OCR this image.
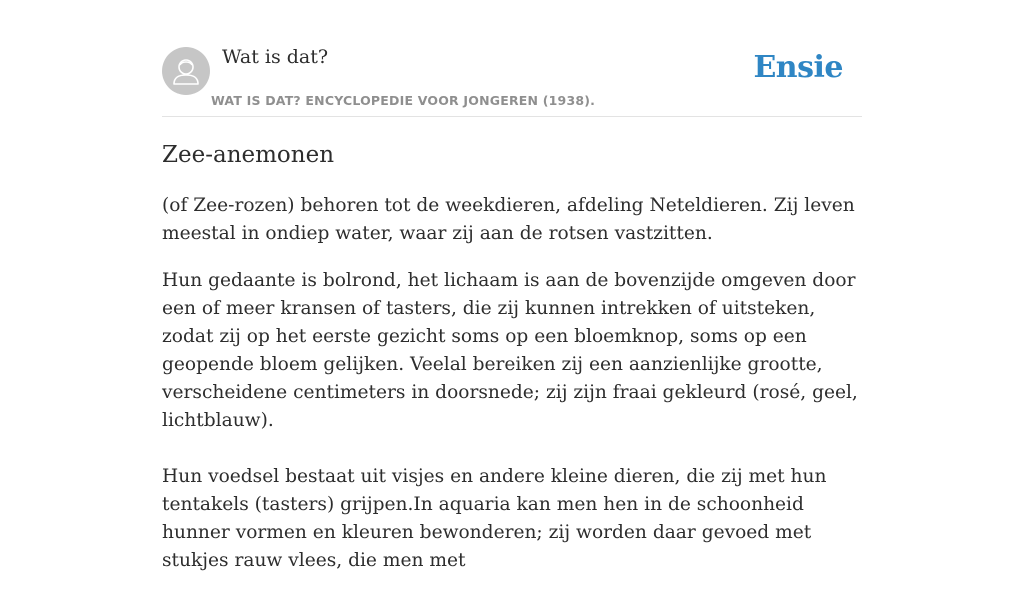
Wat is dat?
WAT IS DAT? ENCYCLOPEDIE VOOR JONGEREN (1938).
Ensie
Zee-anemonen

(of Zee-rozen) behoren tot de weekdieren, afdeling Neteldieren. Zij leven meestal in ondiep water, waar zij aan de rotsen vastzitten.

Hun gedaante is bolrond, het lichaam is aan de bovenzijde omgeven door een of meer kransen of tasters, die zij kunnen intrekken of uitsteken, zodat zij op het eerste gezicht soms op een bloemknop, soms op een geopende bloem gelijken. Veelal bereiken zij een aanzienlijke grootte, verscheidene centimeters in doorsnede; zij zijn fraai gekleurd (rosé, geel, lichtblauw).

Hun voedsel bestaat uit visjes en andere kleine dieren, die zij met hun tentakels (tasters) grijpen.In aquaria kan men hen in de schoonheid hunner vormen en kleuren bewonderen; zij worden daar gevoed met stukjes rauw vlees, die men met
